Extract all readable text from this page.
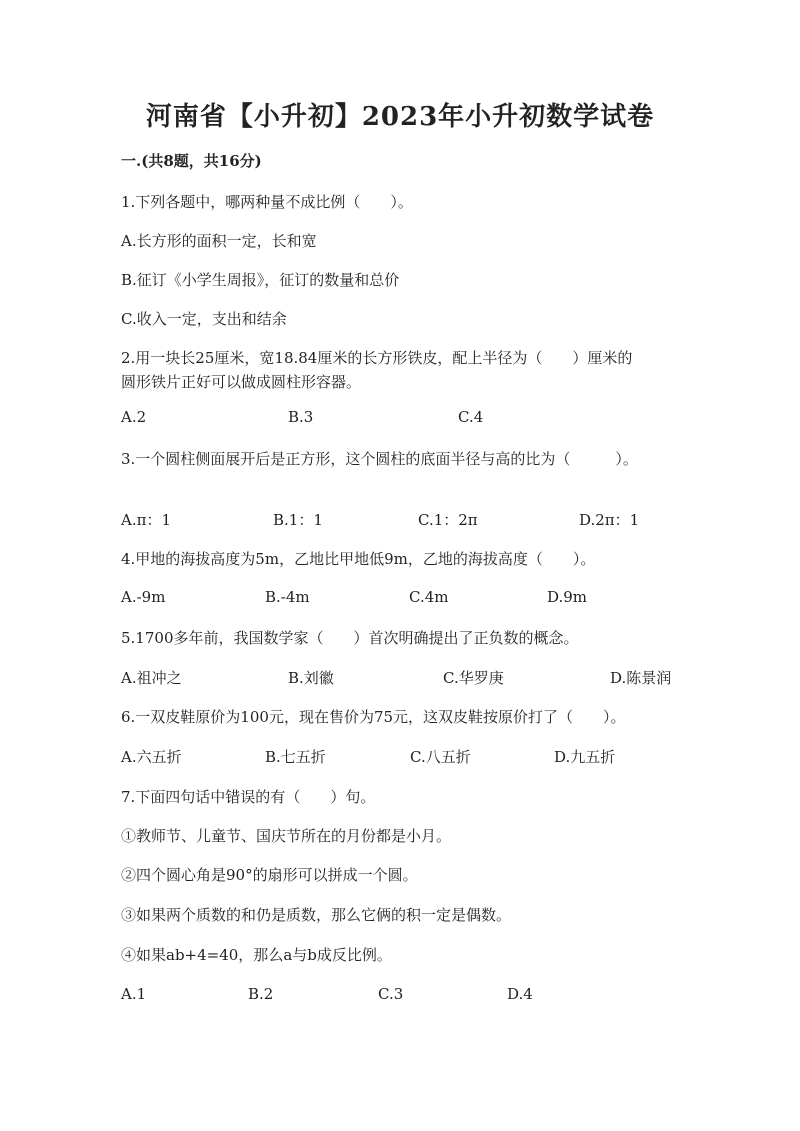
河南省【小升初】2023年小升初数学试卷
一.(共8题，共16分)
1.下列各题中，哪两种量不成比例（　　）。
A.长方形的面积一定，长和宽
B.征订《小学生周报》，征订的数量和总价
C.收入一定，支出和结余
2.用一块长25厘米，宽18.84厘米的长方形铁皮，配上半径为（　　）厘米的
圆形铁片正好可以做成圆柱形容器。
A.2	B.3	C.4
3.一个圆柱侧面展开后是正方形，这个圆柱的底面半径与高的比为（　　　）。
A.π：1	B.1：1	C.1：2π	D.2π：1
4.甲地的海拔高度为5m，乙地比甲地低9m，乙地的海拔高度（　　）。
A.-9m	B.-4m	C.4m	D.9m
5.1700多年前，我国数学家（　　）首次明确提出了正负数的概念。
A.祖冲之	B.刘徽	C.华罗庚	D.陈景润
6.一双皮鞋原价为100元，现在售价为75元，这双皮鞋按原价打了（　　）。
A.六五折	B.七五折	C.八五折	D.九五折
7.下面四句话中错误的有（　　）句。
①教师节、儿童节、国庆节所在的月份都是小月。
②四个圆心角是90°的扇形可以拼成一个圆。
③如果两个质数的和仍是质数，那么它俩的积一定是偶数。
④如果ab+4=40，那么a与b成反比例。
A.1	B.2	C.3	D.4
